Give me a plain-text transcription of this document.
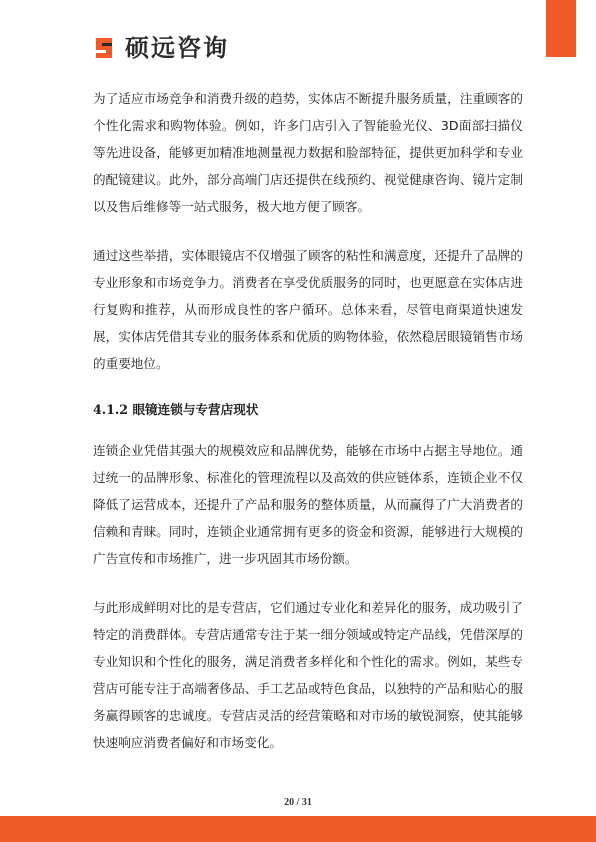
硕远咨询

为了适应市场竞争和消费升级的趋势，实体店不断提升服务质量，注重顾客的个性化需求和购物体验。例如，许多门店引入了智能验光仪、3D面部扫描仪等先进设备，能够更加精准地测量视力数据和脸部特征，提供更加科学和专业的配镜建议。此外，部分高端门店还提供在线预约、视觉健康咨询、镜片定制以及售后维修等一站式服务，极大地方便了顾客。

通过这些举措，实体眼镜店不仅增强了顾客的粘性和满意度，还提升了品牌的专业形象和市场竞争力。消费者在享受优质服务的同时，也更愿意在实体店进行复购和推荐，从而形成良性的客户循环。总体来看，尽管电商渠道快速发展，实体店凭借其专业的服务体系和优质的购物体验，依然稳居眼镜销售市场的重要地位。

4.1.2 眼镜连锁与专营店现状

连锁企业凭借其强大的规模效应和品牌优势，能够在市场中占据主导地位。通过统一的品牌形象、标准化的管理流程以及高效的供应链体系，连锁企业不仅降低了运营成本，还提升了产品和服务的整体质量，从而赢得了广大消费者的信赖和青睐。同时，连锁企业通常拥有更多的资金和资源，能够进行大规模的广告宣传和市场推广，进一步巩固其市场份额。

与此形成鲜明对比的是专营店，它们通过专业化和差异化的服务，成功吸引了特定的消费群体。专营店通常专注于某一细分领域或特定产品线，凭借深厚的专业知识和个性化的服务，满足消费者多样化和个性化的需求。例如，某些专营店可能专注于高端奢侈品、手工艺品或特色食品，以独特的产品和贴心的服务赢得顾客的忠诚度。专营店灵活的经营策略和对市场的敏锐洞察，使其能够快速响应消费者偏好和市场变化。

20 / 31
